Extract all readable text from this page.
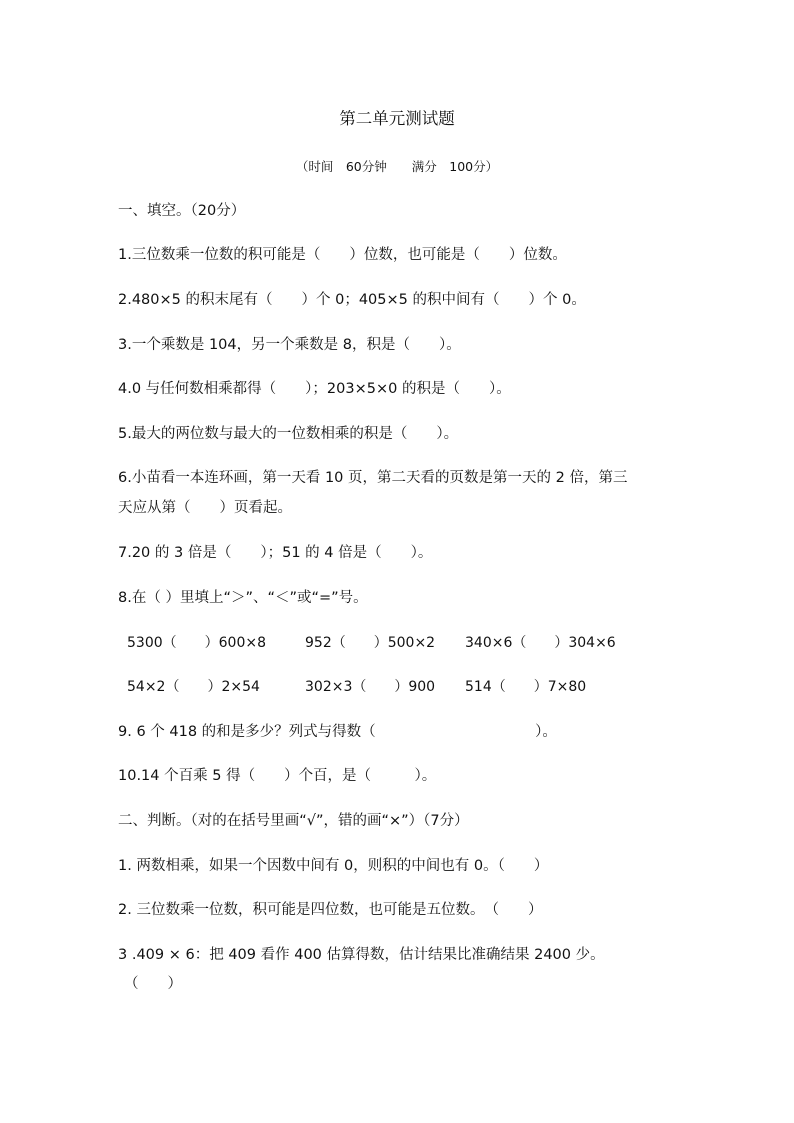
第二单元测试题

（时间　60分钟　　满分　100分）

一、填空。（20分）

1.三位数乘一位数的积可能是（　　）位数，也可能是（　　）位数。

2.480×5 的积末尾有（　　）个 0；405×5 的积中间有（　　）个 0。

3.一个乘数是 104，另一个乘数是 8，积是（　　）。

4.0 与任何数相乘都得（　　）；203×5×0 的积是（　　）。

5.最大的两位数与最大的一位数相乘的积是（　　）。

6.小苗看一本连环画，第一天看 10 页，第二天看的页数是第一天的 2 倍，第三

天应从第（　　）页看起。

7.20 的 3 倍是（　　）；51 的 4 倍是（　　）。

8.在（ ）里填上“＞”、“＜”或“=”号。

5300（　　）600×8	952（　　）500×2 340×6（　　）304×6

54×2（　　）2×54	302×3（　　）900 514（　　）7×80

9. 6 个 418 的和是多少？列式与得数（　　　　　　　　　　　）。

10.14 个百乘 5 得（　　）个百，是（　　　）。

二、判断。（对的在括号里画“√”，错的画“×”）（7分）

1. 两数相乘，如果一个因数中间有 0，则积的中间也有 0。（　　）

2. 三位数乘一位数，积可能是四位数，也可能是五位数。　（　　）

3 .409 × 6：把 409 看作 400 估算得数，估计结果比准确结果 2400 少。

（　　）
